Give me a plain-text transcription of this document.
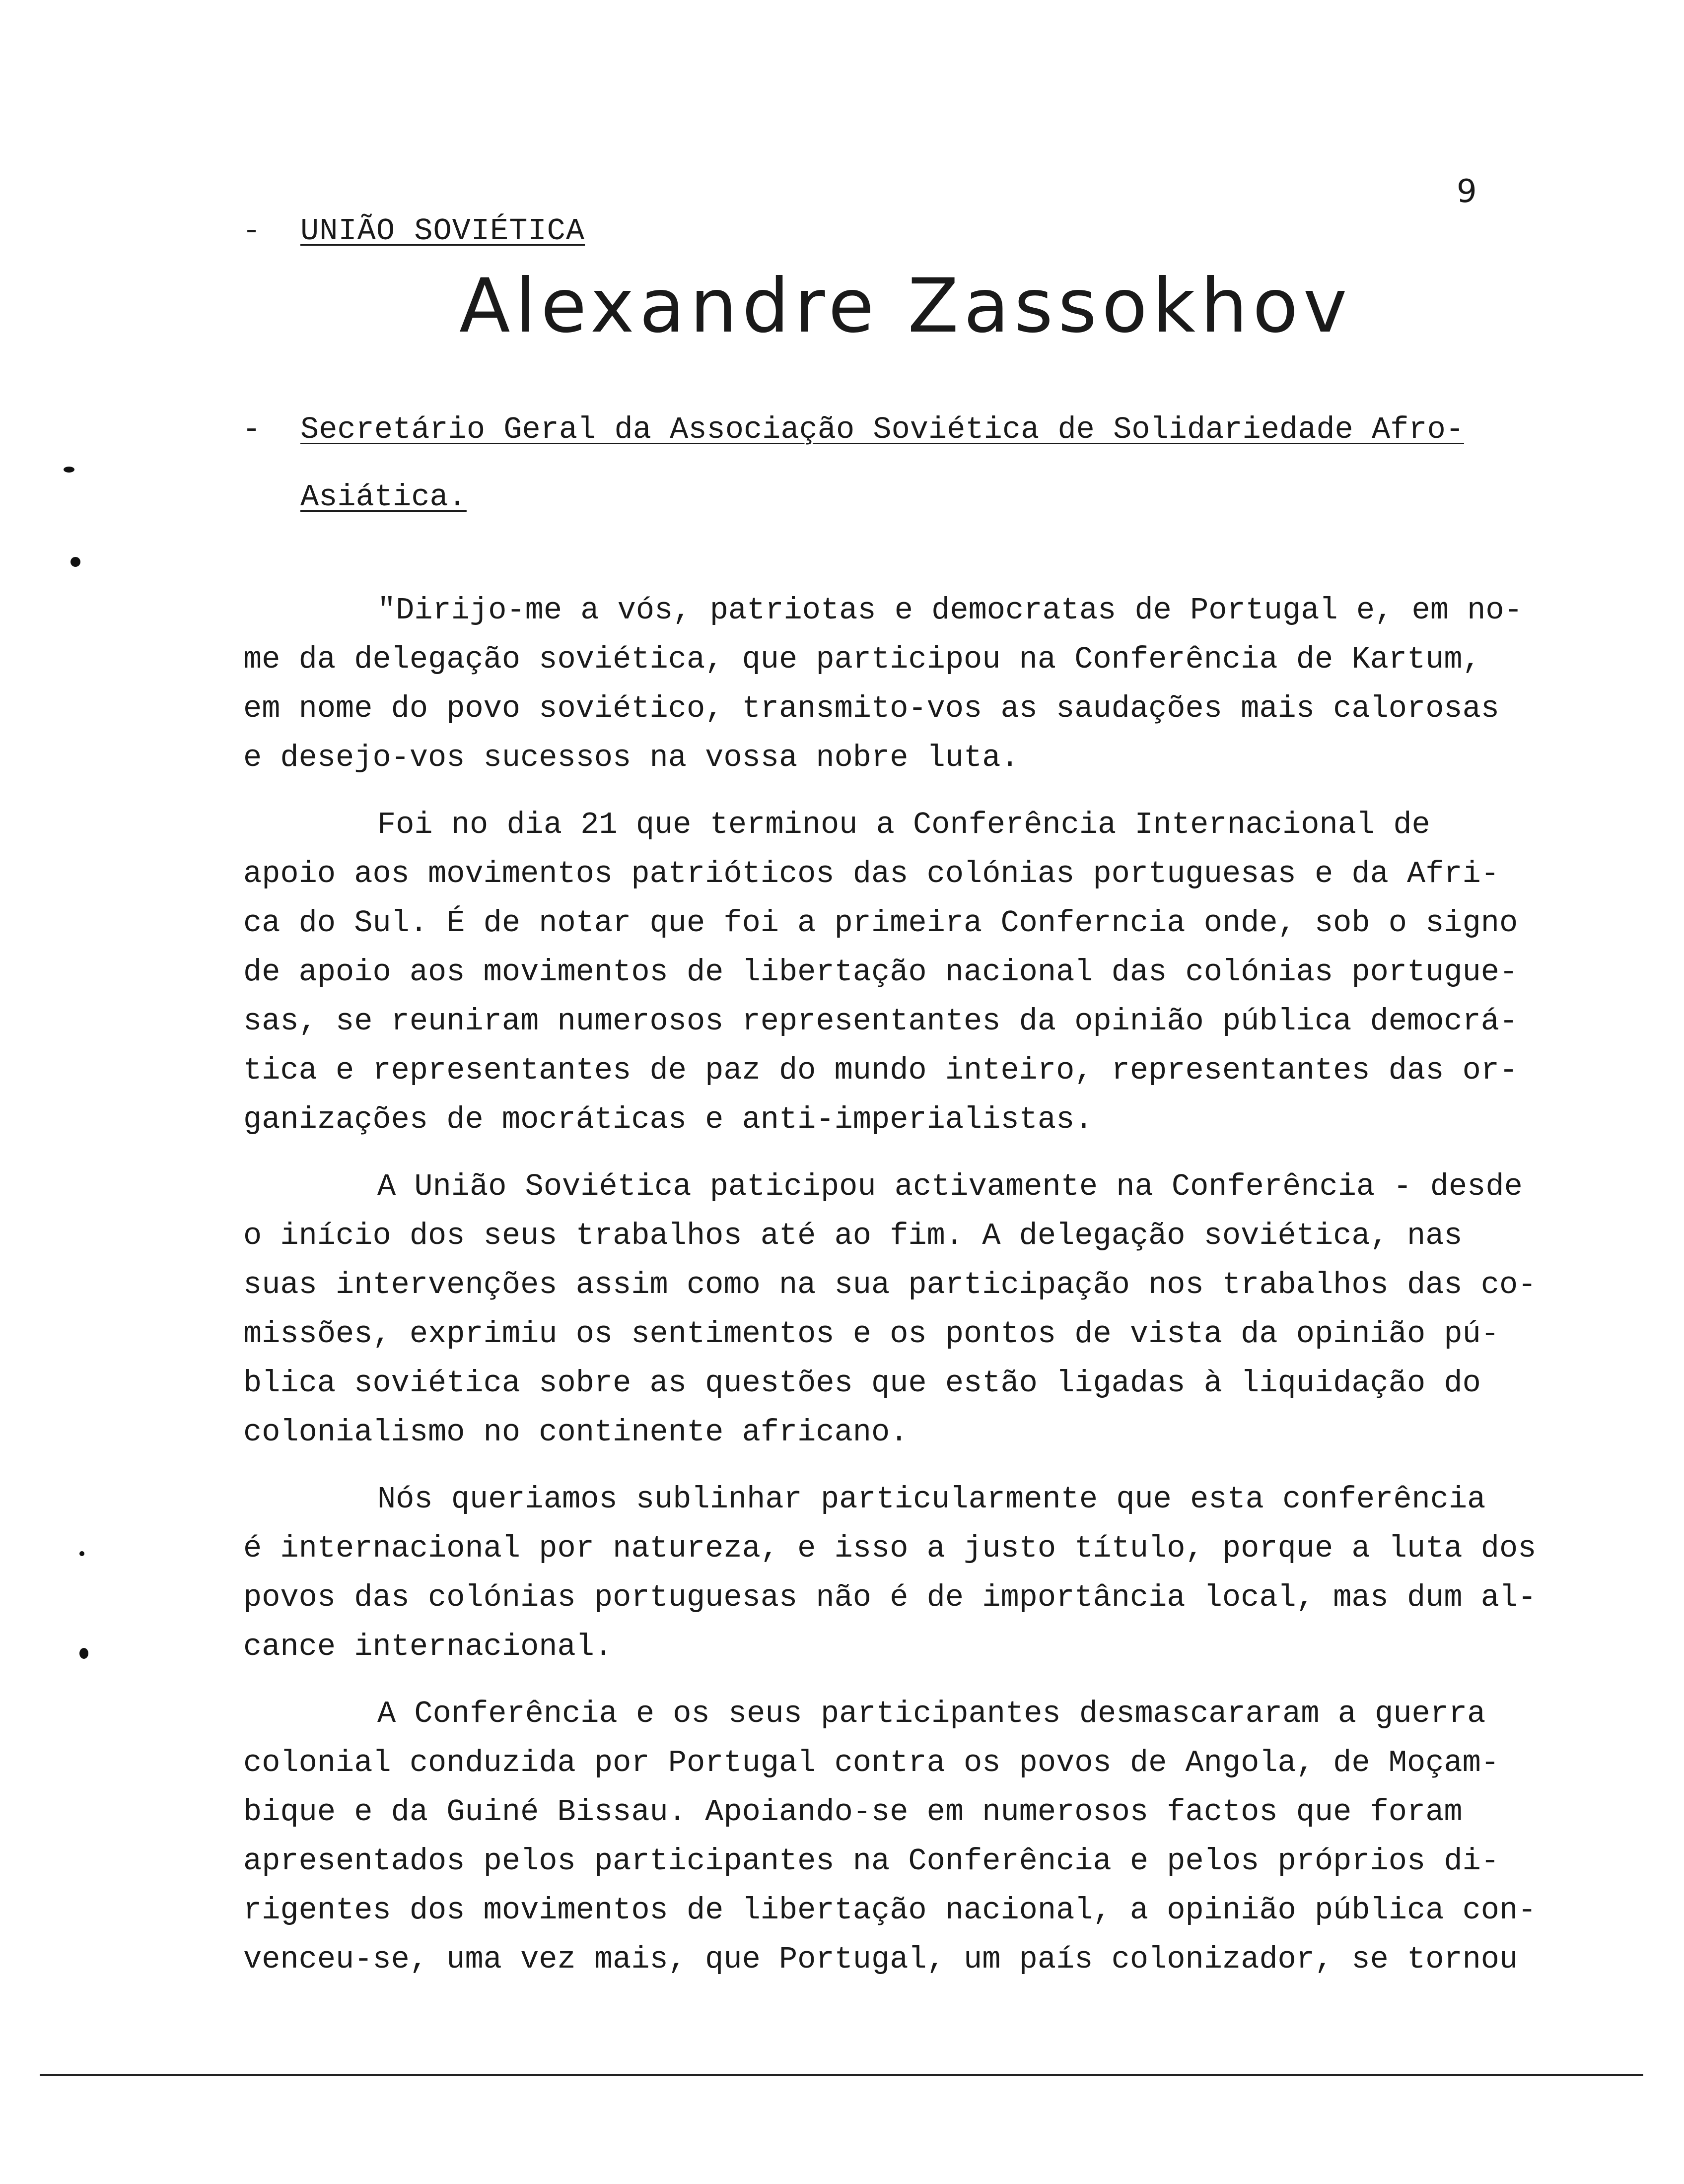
9
- UNIÃO SOVIÉTICA
Alexandre Zassokhov
- Secretário Geral da Associação Soviética de Solidariedade Afro-
Asiática.
"Dirijo-me a vós, patriotas e democratas de Portugal e, em no-
me da delegação soviética, que participou na Conferência de Kartum,
em nome do povo soviético, transmito-vos as saudações mais calorosas
e desejo-vos sucessos na vossa nobre luta.
Foi no dia 21 que terminou a Conferência Internacional de
apoio aos movimentos patrióticos das colónias portuguesas e da Afri-
ca do Sul. É de notar que foi a primeira Conferncia onde, sob o signo
de apoio aos movimentos de libertação nacional das colónias portugue-
sas, se reuniram numerosos representantes da opinião pública democrá-
tica e representantes de paz do mundo inteiro, representantes das or-
ganizações de mocráticas e anti-imperialistas.
A União Soviética pаticipou activamente na Conferência - desde
o início dos seus trabalhos até ao fim. A delegação soviética, nas
suas intervenções assim como na sua participação nos trabalhos das co-
missões, exprimiu os sentimentos e os pontos de vista da opinião pú-
blica soviética sobre as questões que estão ligadas à liquidação do
colonialismo no continente africano.
Nós queriamos sublinhar particularmente que esta conferência
é internacional por natureza, e isso a justo título, porque a luta dos
povos das colónias portuguesas não é de importância local, mas dum al-
cance internacional.
A Conferência e os seus participantes desmascararam a guerra
colonial conduzida por Portugal contra os povos de Angola, de Moçam-
bique e da Guiné Bissau. Apoiando-se em numerosos factos que foram
apresentados pelos participantes na Conferência e pelos próprios di-
rigentes dos movimentos de libertação nacional, a opinião pública con-
venceu-se, uma vez mais, que Portugal, um país colonizador, se tornou
